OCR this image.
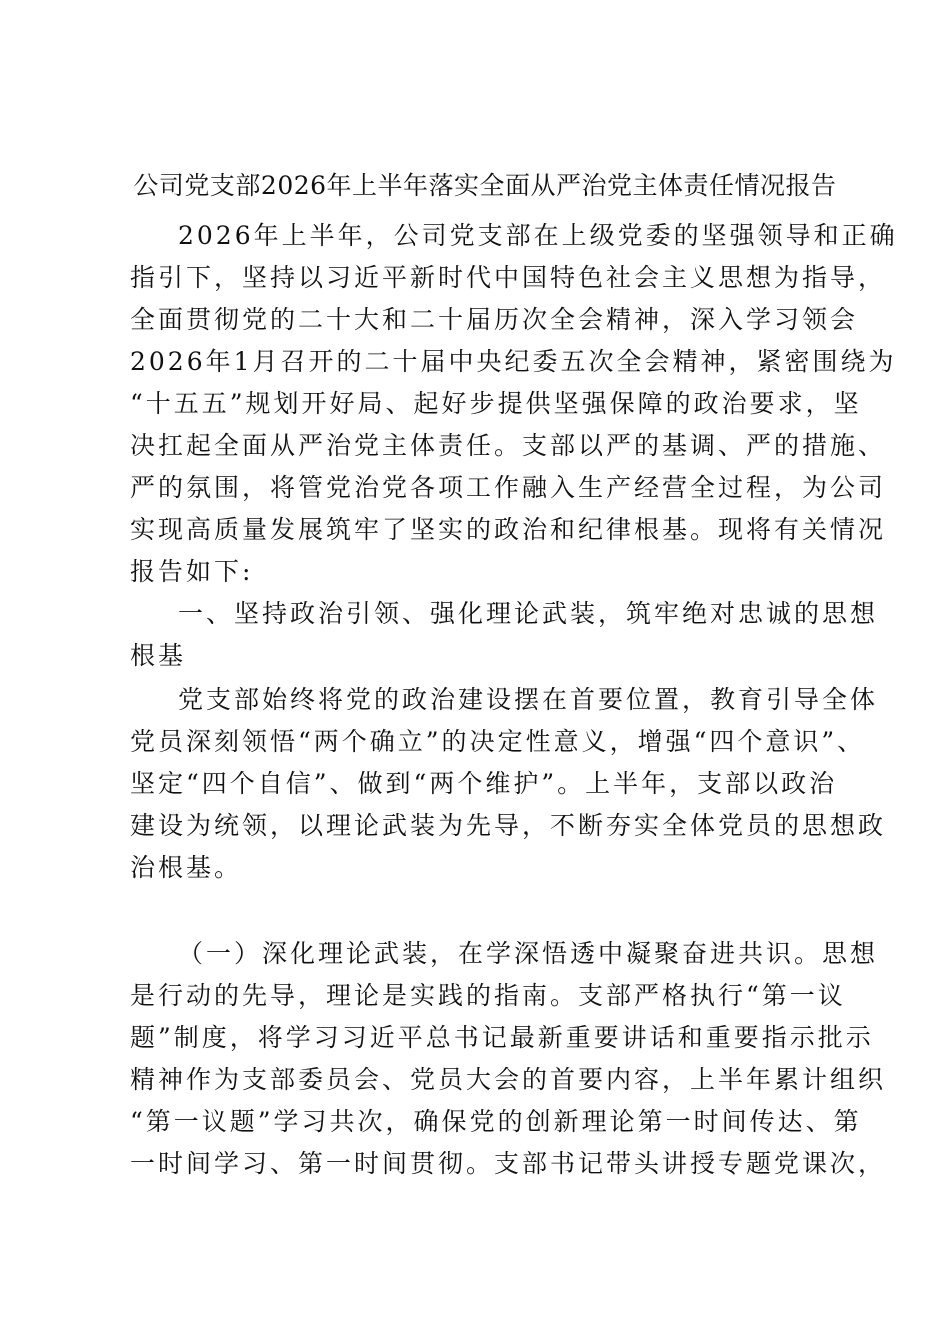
公司党支部2026年上半年落实全面从严治党主体责任情况报告
2026年上半年，公司党支部在上级党委的坚强领导和正确
指引下，坚持以习近平新时代中国特色社会主义思想为指导，
全面贯彻党的二十大和二十届历次全会精神，深入学习领会
2026年1月召开的二十届中央纪委五次全会精神，紧密围绕为
“十五五”规划开好局、起好步提供坚强保障的政治要求，坚
决扛起全面从严治党主体责任。支部以严的基调、严的措施、
严的氛围，将管党治党各项工作融入生产经营全过程，为公司
实现高质量发展筑牢了坚实的政治和纪律根基。现将有关情况
报告如下:
一、坚持政治引领、强化理论武装，筑牢绝对忠诚的思想
根基
党支部始终将党的政治建设摆在首要位置，教育引导全体
党员深刻领悟“两个确立”的决定性意义，增强“四个意识”、
坚定“四个自信”、做到“两个维护”。上半年，支部以政治
建设为统领，以理论武装为先导，不断夯实全体党员的思想政
治根基。
（一）深化理论武装，在学深悟透中凝聚奋进共识。思想
是行动的先导，理论是实践的指南。支部严格执行“第一议
题”制度，将学习习近平总书记最新重要讲话和重要指示批示
精神作为支部委员会、党员大会的首要内容，上半年累计组织
“第一议题”学习共次，确保党的创新理论第一时间传达、第
一时间学习、第一时间贯彻。支部书记带头讲授专题党课次，
